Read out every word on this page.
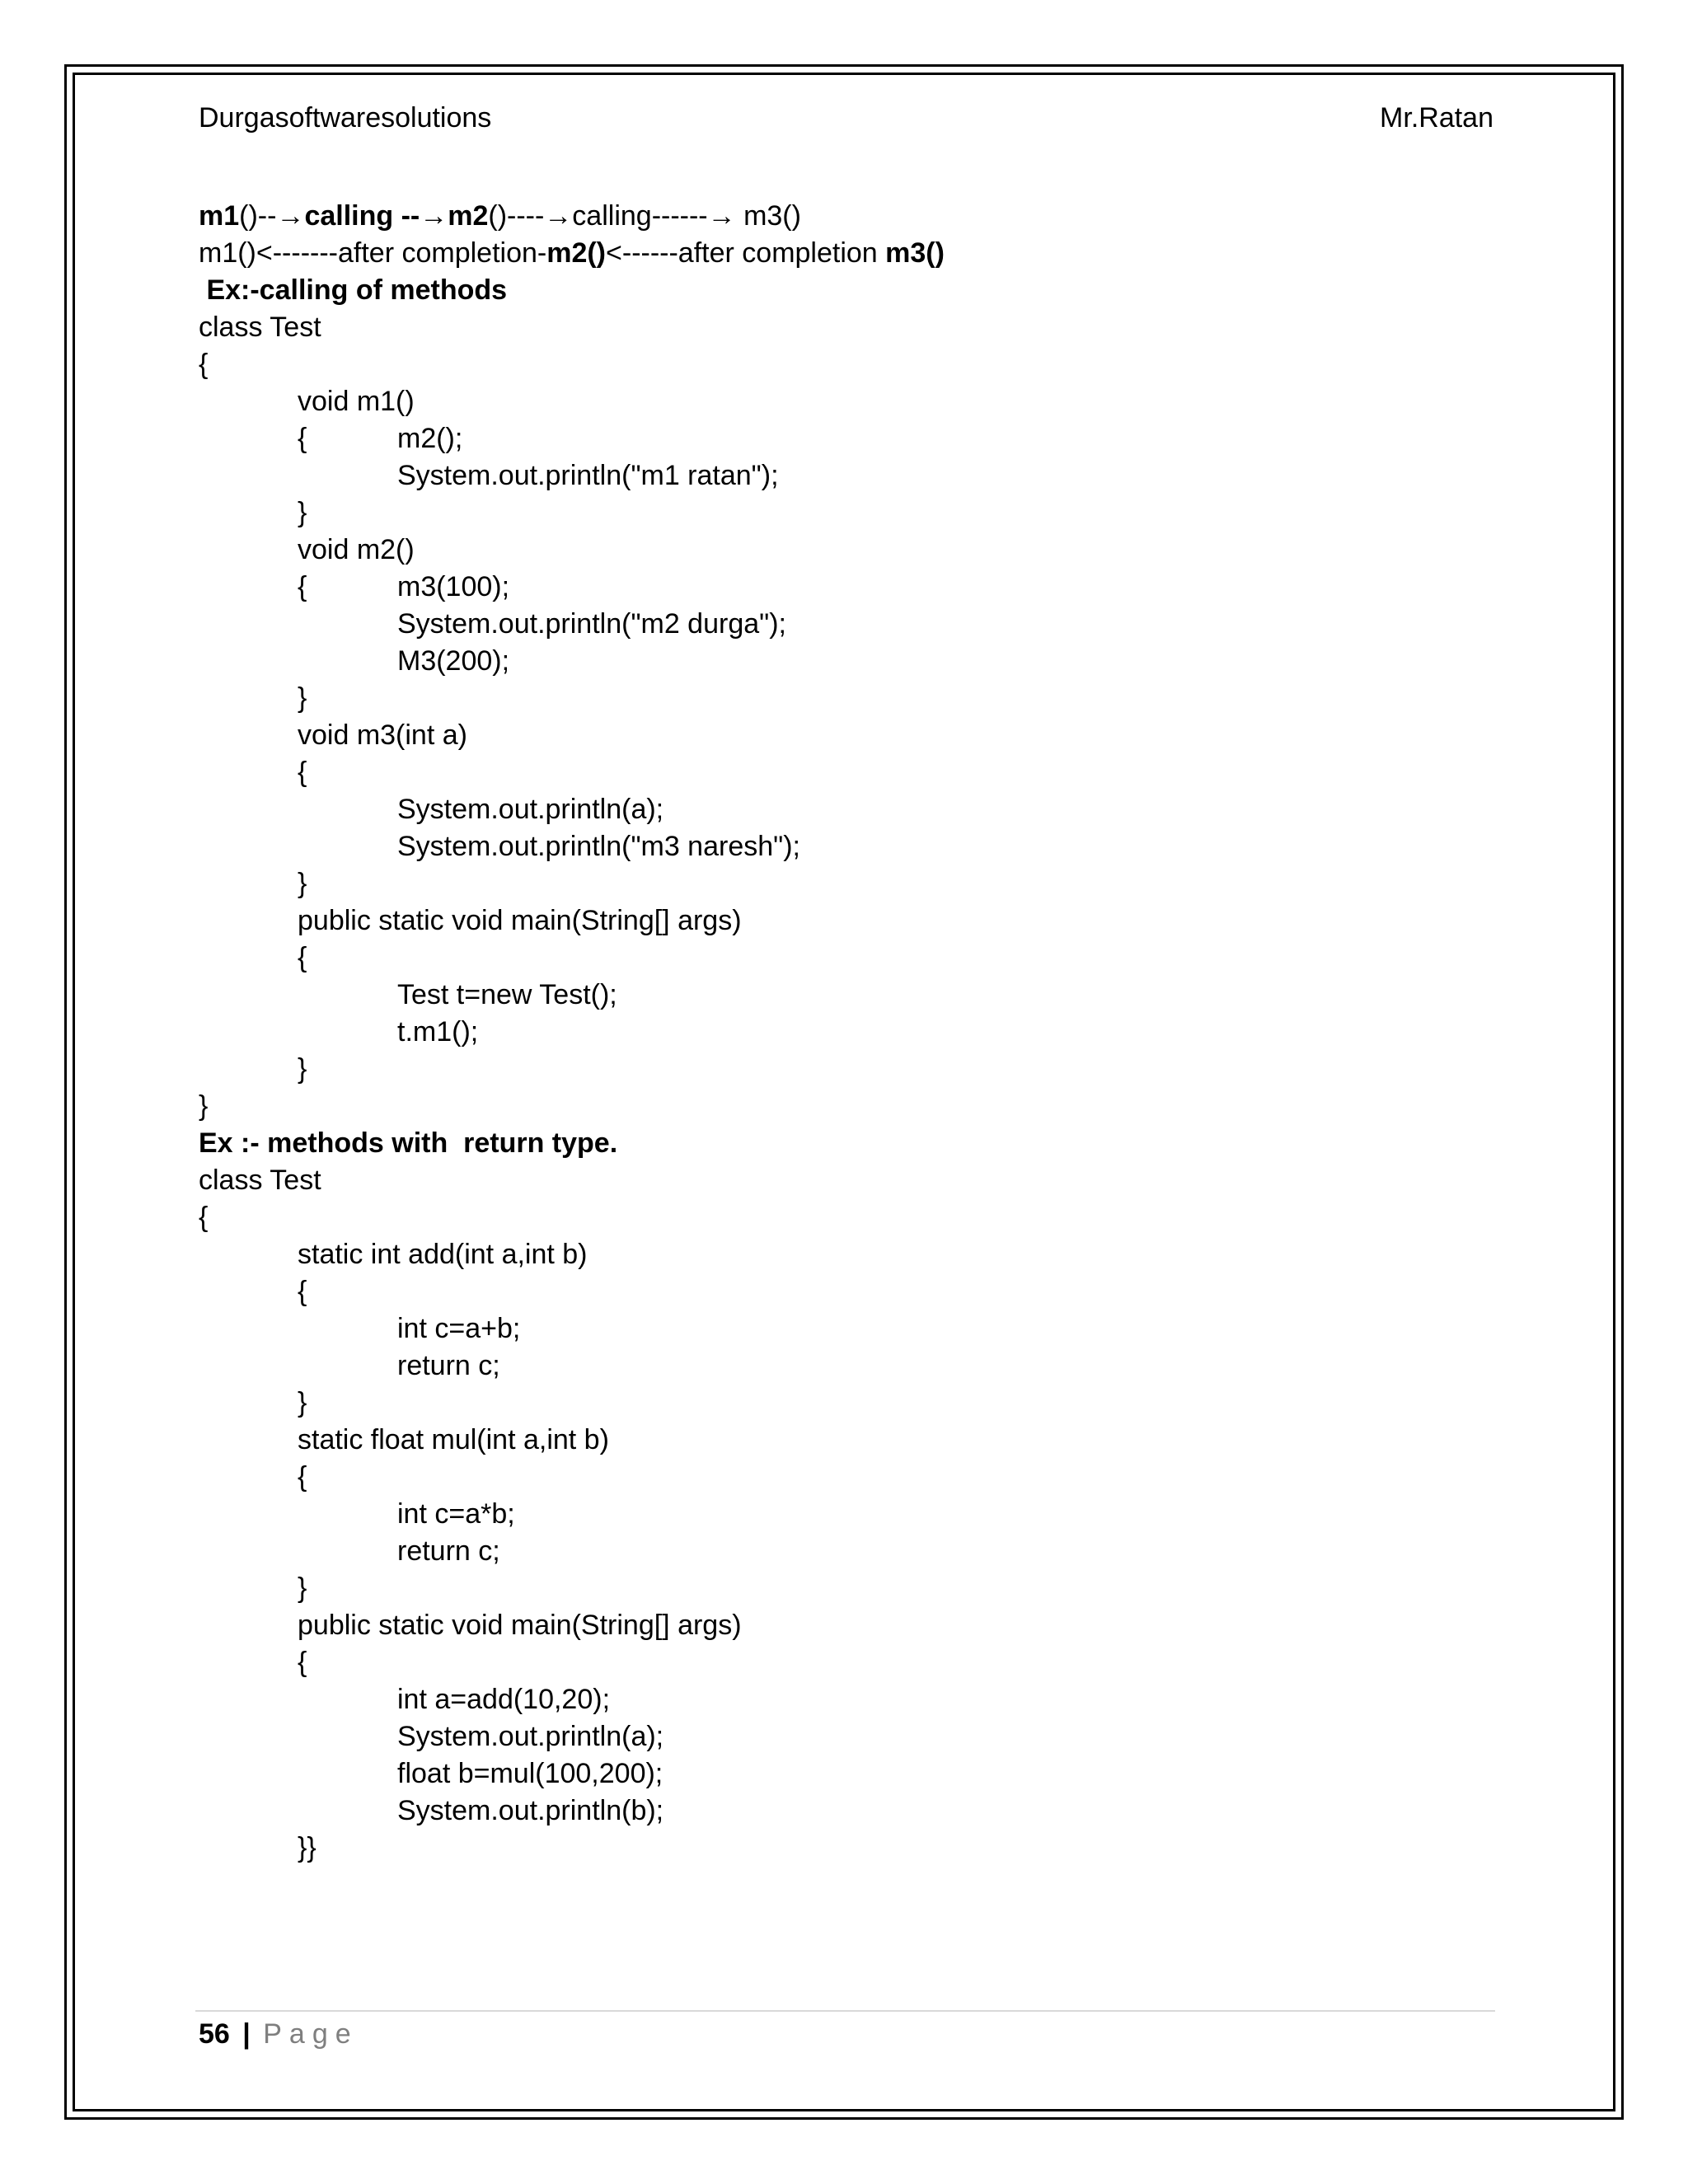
Durgasoftwaresolutions	Mr.Ratan
m1()--→calling --→m2()----→calling------→ m3()
m1()<-------after completion-m2()<------after completion m3()
Ex:-calling of methods
class Test
{
void m1()
{	m2();
System.out.println("m1 ratan");
}
void m2()
{	m3(100);
System.out.println("m2 durga");
M3(200);
}
void m3(int a)
{
System.out.println(a);
System.out.println("m3 naresh");
}
public static void main(String[] args)
{
Test t=new Test();
t.m1();
}
}
Ex :- methods with  return type.
class Test
{
static int add(int a,int b)
{
int c=a+b;
return c;
}
static float mul(int a,int b)
{
int c=a*b;
return c;
}
public static void main(String[] args)
{
int a=add(10,20);
System.out.println(a);
float b=mul(100,200);
System.out.println(b);
}}
56 | Page
